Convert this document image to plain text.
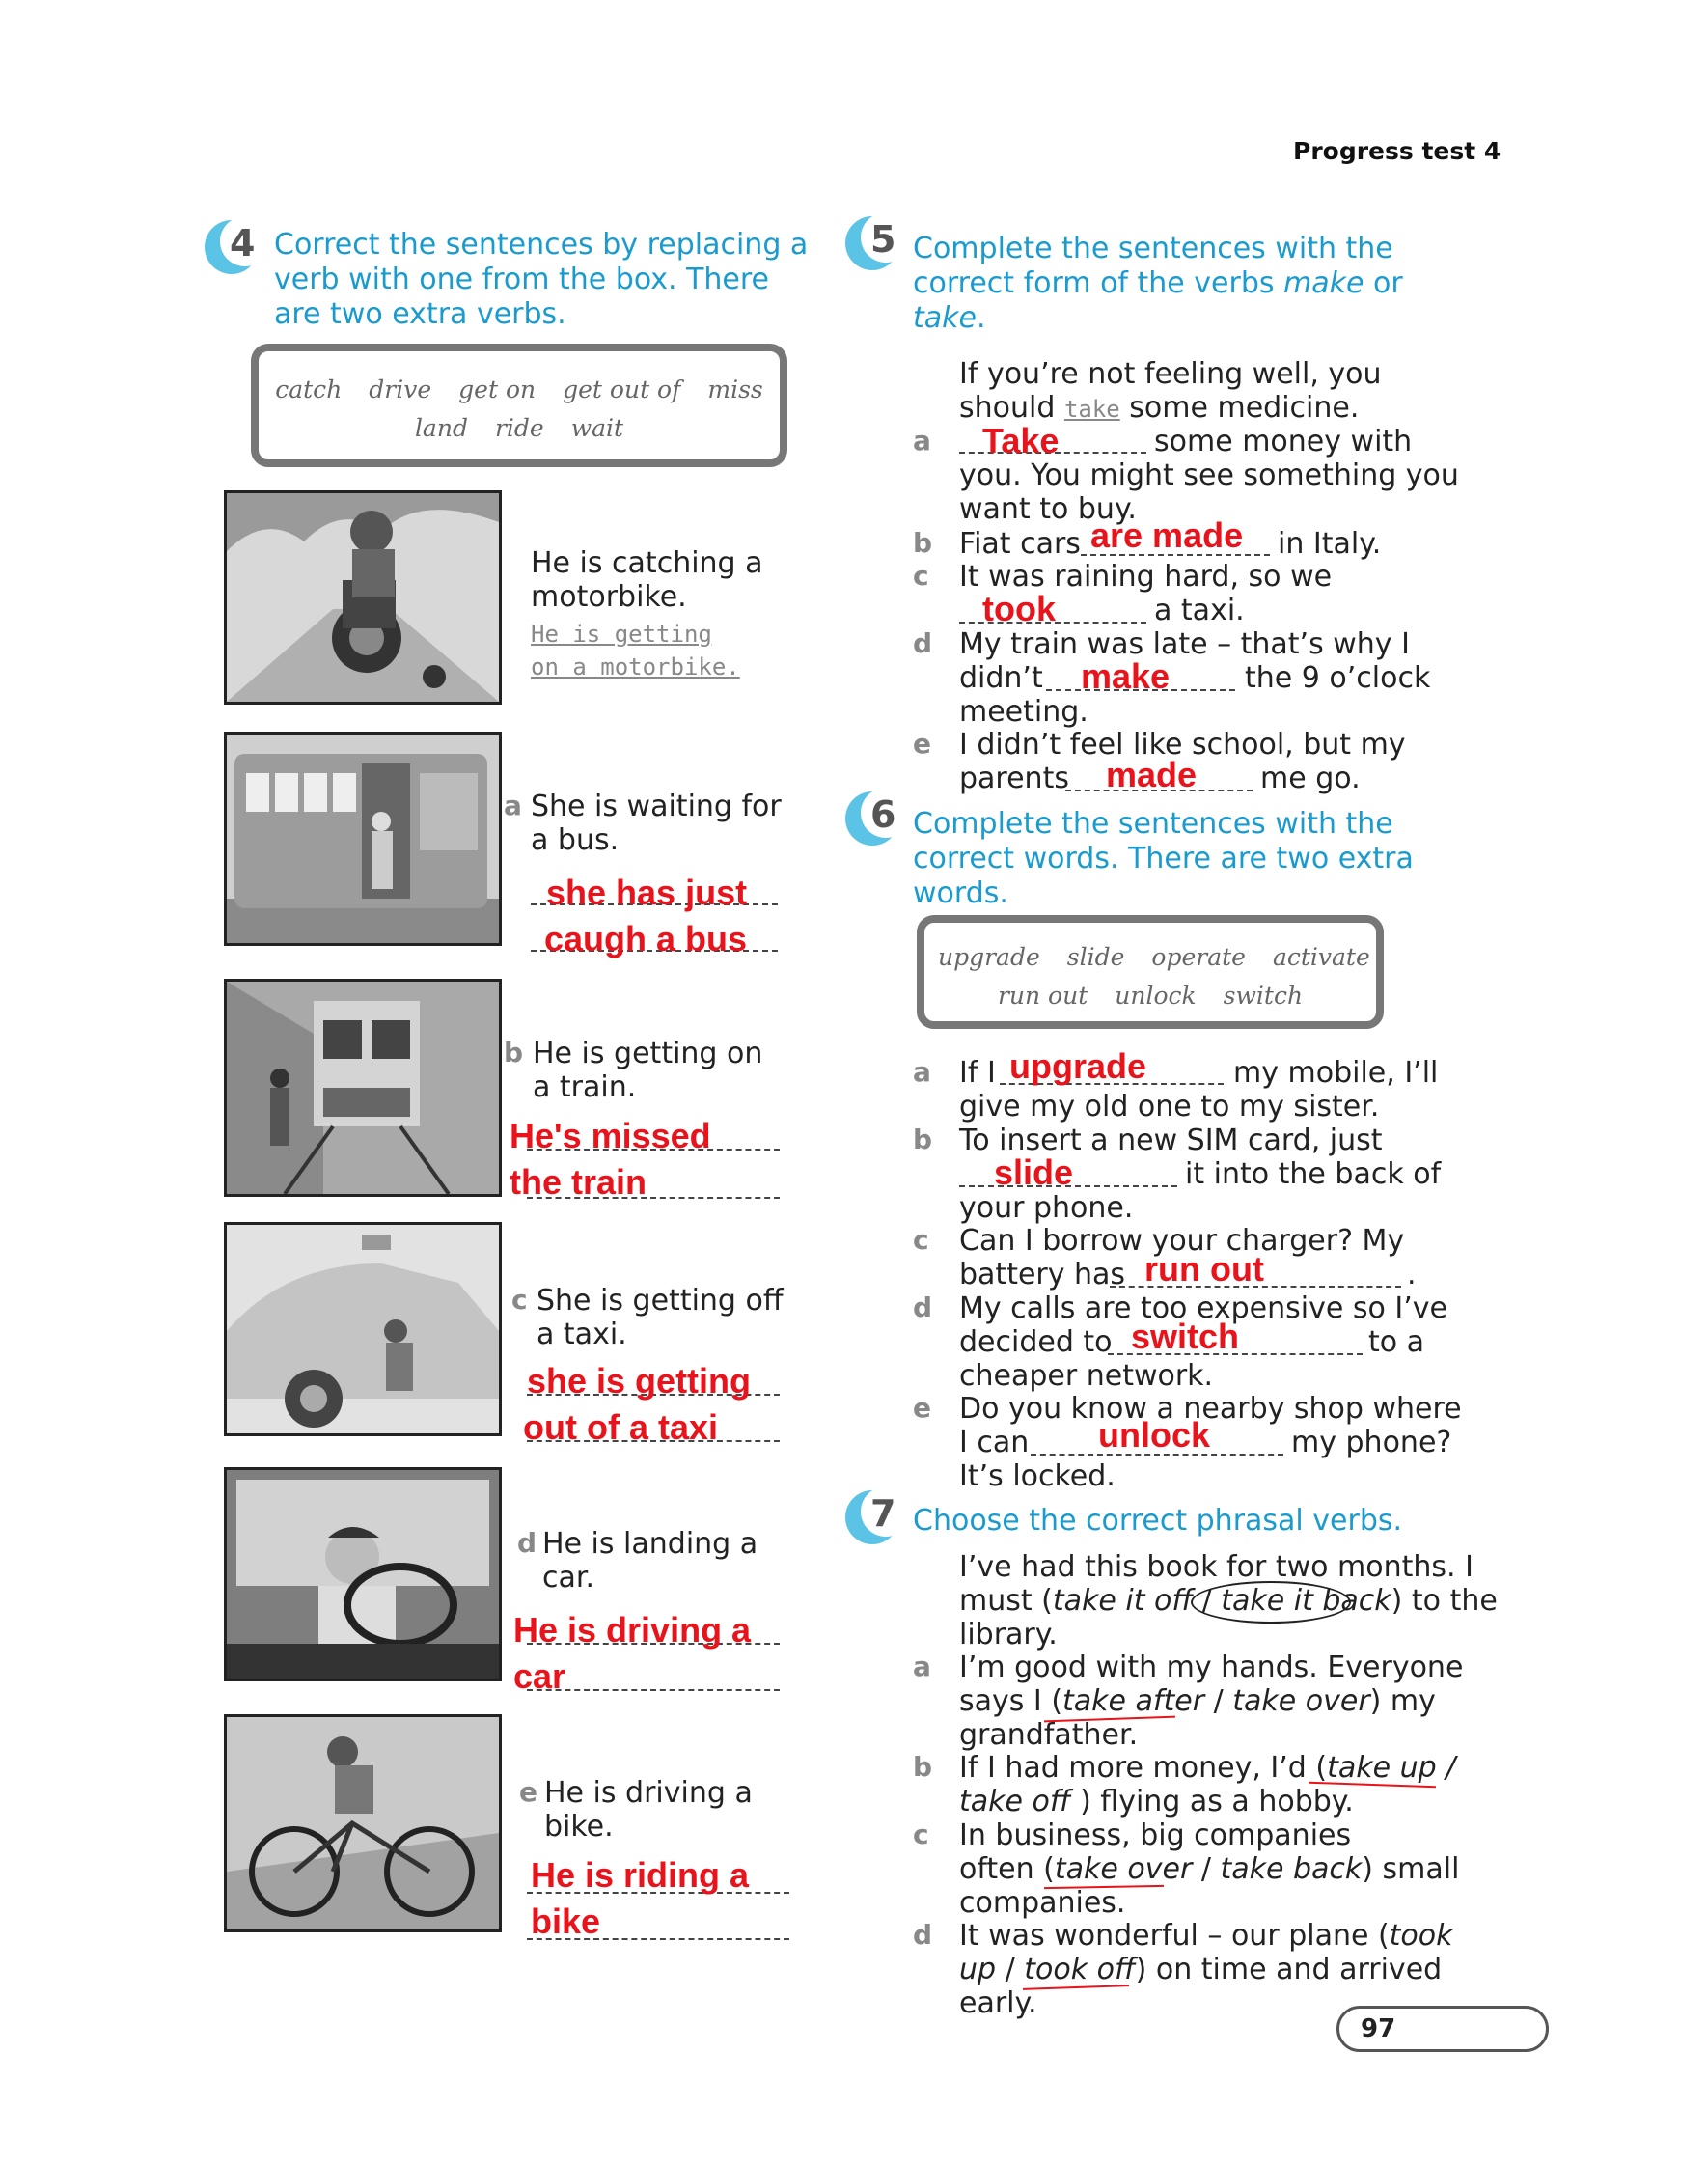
Progress test 4
4 Correct the sentences by replacing a verb with one from the box. There are two extra verbs.
catch drive get on get out of miss
land ride wait
He is catching a motorbike.
He is getting on a motorbike.
a She is waiting for a bus.
she has just
caugh a bus
b He is getting on a train.
He's missed
the train
c She is getting off a taxi.
she is getting
out of a taxi
d He is landing a car.
He is driving a
car
e He is driving a bike.
He is riding a
bike
5 Complete the sentences with the correct form of the verbs make or take.
If you’re not feeling well, you
should take some medicine.
a Take	some money with
you. You might see something you
want to buy.
b Fiat cars are made in Italy.
c It was raining hard, so we
took	a taxi.
d My train was late – that’s why I
didn’t make	the 9 o’clock
meeting.
e I didn’t feel like school, but my
parents made me go.
6 Complete the sentences with the correct words. There are two extra words.
upgrade slide operate activate
run out unlock switch
a If I upgrade	my mobile, I’ll
give my old one to my sister.
b To insert a new SIM card, just
slide	it into the back of
your phone.
c Can I borrow your charger? My
battery has run out	.
d My calls are too expensive so I’ve
decided to switch	to a
cheaper network.
e Do you know a nearby shop where
I can unlock	my phone?
It’s locked.
7 Choose the correct phrasal verbs.
I’ve had this book for two months. I
must (take it off / take it back) to the
library.
a I’m good with my hands. Everyone
says I (take after / take over) my
grandfather.
b If I had more money, I’d (take up /
take off ) flying as a hobby.
c In business, big companies
often (take over / take back) small
companies.
d It was wonderful – our plane (took
up / took off) on time and arrived
early.
97
